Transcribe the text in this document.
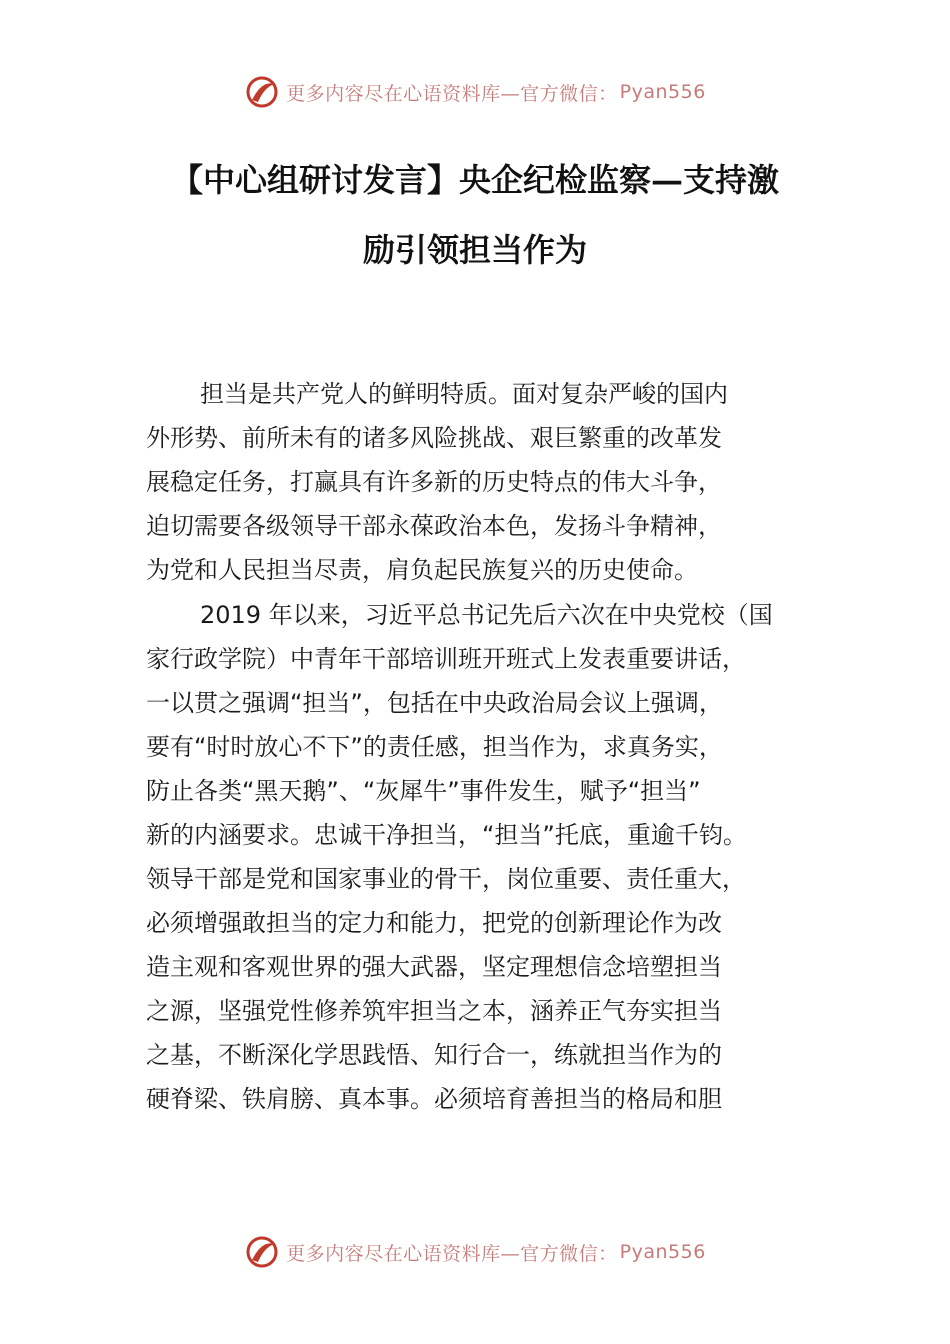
更多内容尽在心语资料库—官方微信： Pyan556
【中心组研讨发言】央企纪检监察—支持激
励引领担当作为
担当是共产党人的鲜明特质。面对复杂严峻的国内
外形势、前所未有的诸多风险挑战、艰巨繁重的改革发
展稳定任务，打赢具有许多新的历史特点的伟大斗争，
迫切需要各级领导干部永葆政治本色，发扬斗争精神，
为党和人民担当尽责，肩负起民族复兴的历史使命。
2019 年以来，习近平总书记先后六次在中央党校（国
家行政学院）中青年干部培训班开班式上发表重要讲话，
一以贯之强调“担当”，包括在中央政治局会议上强调，
要有“时时放心不下”的责任感，担当作为，求真务实，
防止各类“黑天鹅”、“灰犀牛”事件发生，赋予“担当”
新的内涵要求。忠诚干净担当，“担当”托底，重逾千钧。
领导干部是党和国家事业的骨干，岗位重要、责任重大，
必须增强敢担当的定力和能力，把党的创新理论作为改
造主观和客观世界的强大武器，坚定理想信念培塑担当
之源，坚强党性修养筑牢担当之本，涵养正气夯实担当
之基，不断深化学思践悟、知行合一，练就担当作为的
硬脊梁、铁肩膀、真本事。必须培育善担当的格局和胆
更多内容尽在心语资料库—官方微信： Pyan556
